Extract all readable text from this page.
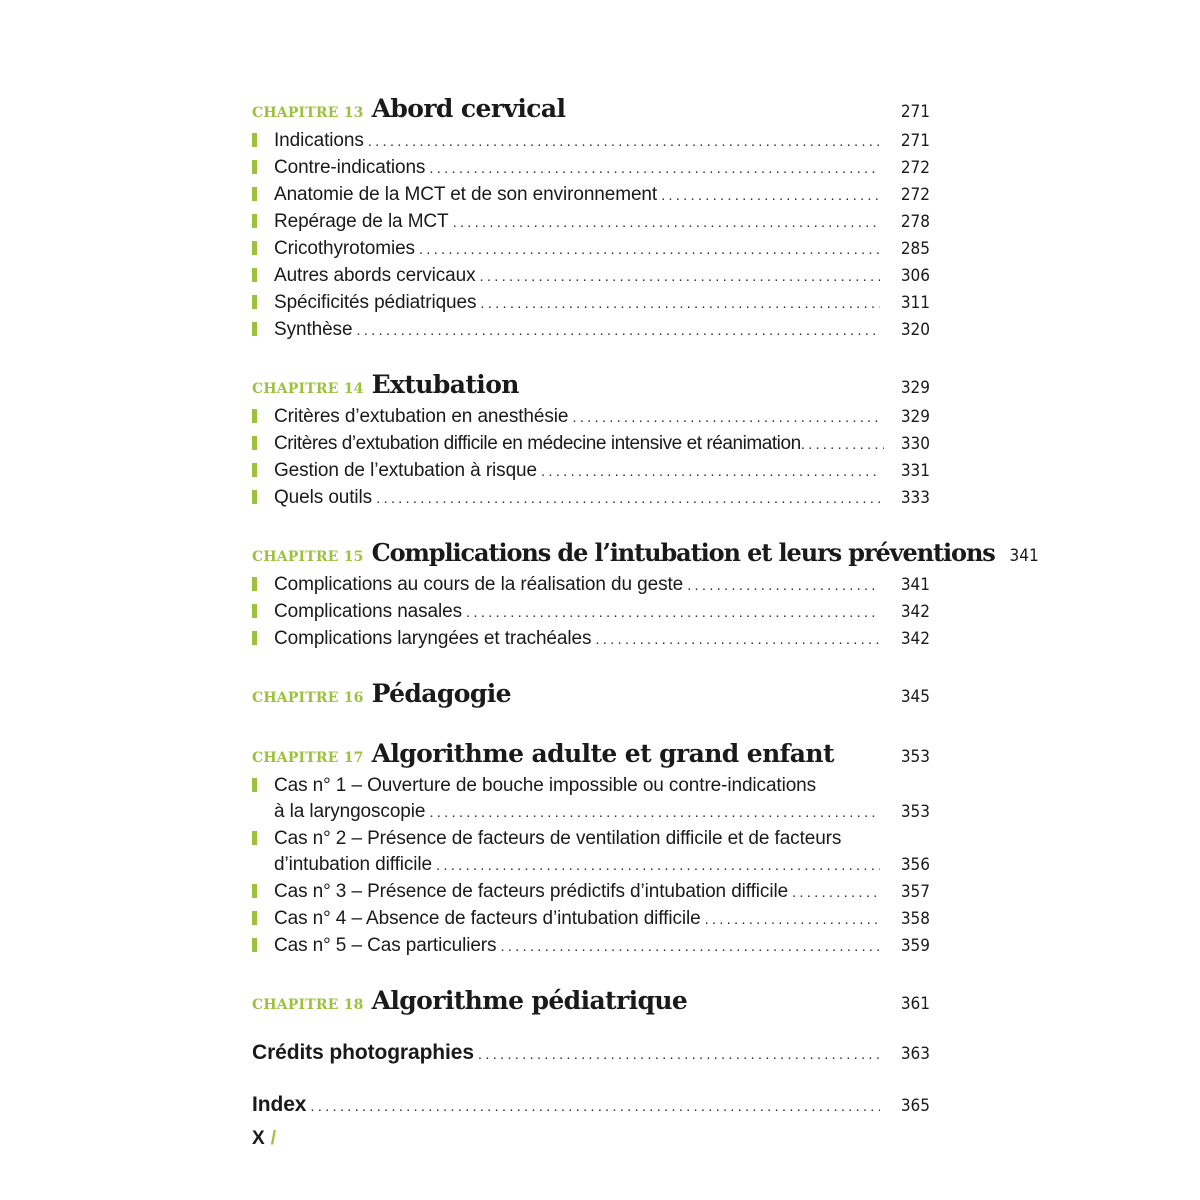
CHAPITRE 13 Abord cervical	271
Indications .....	271
Contre-indications .....	272
Anatomie de la MCT et de son environnement .....	272
Repérage de la MCT .....	278
Cricothyrotomies .....	285
Autres abords cervicaux .....	306
Spécificités pédiatriques .....	311
Synthèse .....	320
CHAPITRE 14 Extubation	329
Critères d’extubation en anesthésie .....	329
Critères d’extubation difficile en médecine intensive et réanimation .....	330
Gestion de l’extubation à risque .....	331
Quels outils .....	333
CHAPITRE 15 Complications de l’intubation et leurs préventions 341
Complications au cours de la réalisation du geste .....	341
Complications nasales .....	342
Complications laryngées et trachéales .....	342
CHAPITRE 16 Pédagogie	345
CHAPITRE 17 Algorithme adulte et grand enfant	353
Cas n° 1 – Ouverture de bouche impossible ou contre-indications
à la laryngoscopie .....	353
Cas n° 2 – Présence de facteurs de ventilation difficile et de facteurs
d’intubation difficile .....	356
Cas n° 3 – Présence de facteurs prédictifs d’intubation difficile .....	357
Cas n° 4 – Absence de facteurs d’intubation difficile .....	358
Cas n° 5 – Cas particuliers .....	359
CHAPITRE 18 Algorithme pédiatrique	361
Crédits photographies .....	363
Index .....	365
X /
